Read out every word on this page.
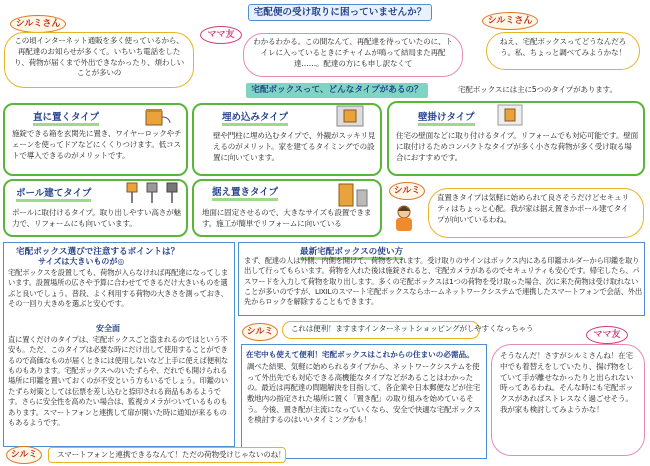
宅配便の受け取りに困っていませんか？
シルミさん
この頃インターネット通販を多く使っているから、再配達のお知らせが多くて。いちいち電話をしたり、荷物が届くまで外出できなかったり、煩わしいことが多いの
ママ友
わかるわかる。この間なんて、再配達を待っていたのに、トイレに入っているときにチャイムが鳴って結局また再配達……。配達の方にも申し訳なくて
シルミさん
ねえ、宅配ボックスってどうなんだろう。私、ちょっと調べてみようかな！
宅配ボックスって、どんなタイプがあるの？	宅配ボックスには主に5つのタイプがあります。
直に置くタイプ
施錠できる箱を玄関先に置き、ワイヤーロックやチェーンを使ってドアなどにくくりつけます。低コストで導入できるのがメリットです。
埋め込みタイプ
壁や門柱に埋め込むタイプで、外観がスッキリ見えるのがメリット。家を建てるタイミングでの設置に向いています。
壁掛けタイプ
住宅の壁面などに取り付けるタイプ。リフォームでも対応可能です。壁面に取付けるためコンパクトなタイプが多く小さな荷物が多く受け取る場合におすすめです。
ポール建てタイプ
ポールに取付けるタイプ。取り出しやすい高さが魅力で、リフォームにも向いています。
据え置きタイプ
地面に固定させるので、大きなサイズも設置できます。施工が簡単でリフォームに向いている
シルミ
直置きタイプは気軽に始められて良さそうだけどセキュリティはちょっと心配。我が家は据え置きかポール建てタイプが向いているわね。
宅配ボックス選びで注意するポイントは？
サイズは大きいものが◎
宅配ボックスを設置しても、荷物が入らなければ再配達になってしまいます。設置場所の広さや予算に合わせてできるだけ大きいものを選ぶと良いでしょう。普段、よく利用する荷物の大きさを測っておき、その一回り大きめを選ぶと安心です。
安全面
直に置くだけのタイプは、宅配ボックスごと盗まれるのではという不安も。ただ、このタイプは必要な時にだけ出して使用することができるので高価なものが届くときには使用しないなど上手に使えば便利なものもあります。宅配ボックスへのいたずらや、だれでも開けられる場所に印鑑を置いておくのが不安という方もいるでしょう。印鑑のいたずら対策としては伝票を差し込むと捺印される商品もあるようです。さらに安全性を高めたい場合は、監視カメラがついているものもあります。スマートフォンと連携して扉が開いた時に通知が来るものもあるようです。
最新宅配ボックスの使い方
まず、配達の人は外側、内側を開けて、荷物を入れます。受け取りのサインはボックス内にある印鑑ホルダーから印鑑を取り出して行ってもらいます。荷物を入れた後は施錠されると、宅配カメラがあるのでセキュリティも安心です。帰宅したら、パスワードを入力して荷物を取り出します。多くの宅配ボックスは1つの荷物を受け取った場合、次に来た荷物は受け取れないことが多いのですが、LIXILのスマート宅配ボックスならホームネットワークシステムで連携したスマートフォンで会話、外出先からロックを解除することもできます。
シルミ	これは便利！ますますインターネットショッピングがしやすくなっちゃう
在宅中も使えて便利！宅配ボックスはこれからの住まいの必需品。
調べた結果、気軽に始められるタイプから、ネットワークシステムを使って外出先でも対応できる高機能なタイプなどがあることはわかったの。最近は再配達の問題解決を目指して、各企業や日本郵便などが住宅敷地内の指定された場所に置く「置き配」の取り組みを始めているそう。今後、置き配が主流になっていくなら、安全で快適な宅配ボックスを検討するのはいいタイミングかも！
ママ友
そうなんだ！さすがシルミさんね！在宅中でも着替えをしていたり、揚げ物をしていて手が離せなかったりと出られない時ってあるわね。そんな時にも宅配ボックスがあればストレスなく過ごせそう。我が家も検討してみようかな！
シルミ	スマートフォンと連携できるなんて！ただの荷物受けじゃないのね！
